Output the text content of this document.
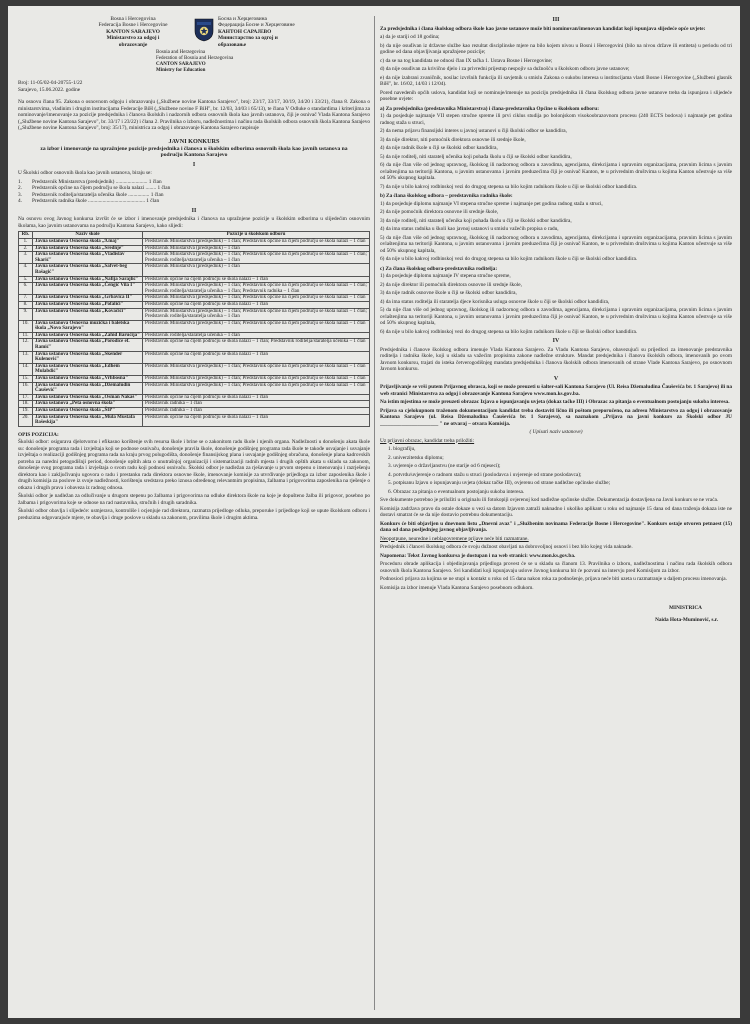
Bosna i Hercegovina
Federacija Bosne i Hercegovine
KANTON SARAJEVO
Ministarstvo za odgoj i
obrazovanje
Босна и Херцеговина
Федерација Босне и Херцеговине
КАНТОН САРАЈЕВО
Министарство за одгој и
образовање
Bosnia and Herzegovina
Federation of Bosnia and Herzegovina
CANTON SARAJEVO
Ministry for Education
Broj: 11-05/02-04-20755-1/22
Sarajevo, 15.06.2022. godine

Na osnovu člana 95. Zakona o osnovnom odgoju i obrazovanju („Službene novine Kantona Sarajevo", broj: 23/17, 33/17, 30/19, 34/20 i 33/21), člana 8. Zakona o ministarstvima, vladinim i drugim institucijama Federacije BiH („Službene novine F BiH", br. 12/03, 34/03 i 65/13), te člana V Odluke o standardima i kriterijima za nominovanje/imenovanje za pozicije predsjednika i članova školskih i nadzornih odbora osnovnih škola kao javnih ustanova, čiji je osnivač Vlada Kantona Sarajevo („Službene novine Kantona Sarajevo", br. 33/17 i 23/22) i člana 2. Pravilnika o izboru, nadležnostima i načinu rada školskih odbora osnovnih škola Kantona Sarajevo („Službene novine Kantona Sarajevo", broj: 35/17), ministrica za odgoj i obrazovanje Kantona Sarajevo raspisuje

JAVNI KONKURS
za izbor i imenovanje na upražnjene pozicije predsjednika i članova u školskim odborima osnovnih škola kao javnih ustanova na području Kantona Sarajevo
I

U Školski odbor osnovnih škola kao javnih ustanova, biraju se:

1.	Predstavnik Ministarstva (predsjednik) ........................ 1 član
2.	Predstavnik općine na čijem području se škola nalazi ........ 1 član
3.	Predstavnik roditelja/staratelja učenika škole ................ 1 član
4.	Predstavnik radnika škole ........................................... 1 član
II

Na osnovu ovog Javnog konkursa izvršit će se izbor i imenovanje predsjednika i članova na upražnjene pozicije u školskim odborima u slijedećim osnovnim školama, kao javnim ustanovama na području Kantona Sarajevo, kako slijedi:

Rb.	Naziv škole	Pozicije u školskom odboru
1.	Javna ustanova Osnovna škola „9.maj"	Predstavnik Ministarstva (predsjednik) – 1 član; Predstavnik općine na čijem području se škola nalazi – 1 član
2.	Javna ustanova Osnovna škola „Srednje"	Predstavnik Ministarstva (predsjednik) – 1 član
3.	Javna ustanova Osnovna škola „Vladislav Skarić"	Predstavnik Ministarstva (predsjednik) – 1 član; Predstavnik općine na čijem području se škola nalazi – 1 član; Predstavnik roditelja/staratelja učenika – 1 član
4.	Javna ustanova Osnovna škola „Safvet-beg Bašagić"	Predstavnik Ministarstva (predsjednik) – 1 član
5.	Javna ustanova Osnovna škola „Nafija Sarajlić"	Predstavnik općine na čijem području se škola nalazi – 1 član
6.	Javna ustanova Osnovna škola „Čengić Vila I"	Predstavnik Ministarstva (predsjednik) – 1 član; Predstavnik općine na čijem području se škola nalazi – 1 član; Predstavnik roditelja/staratelja učenika – 1 član; Predstavnik radnika – 1 član
7.	Javna ustanova Osnovna škola „Grbavica II"	Predstavnik Ministarstva (predsjednik) – 1 član; Predstavnik općine na čijem području se škola nalazi – 1 član
8.	Javna ustanova Osnovna škola „Pofalići"	Predstavnik općine na čijem području se škola nalazi – 1 član
9.	Javna ustanova Osnovna škola „Kovačići"	Predstavnik Ministarstva (predsjednik) – 1 član; Predstavnik općine na čijem području se škola nalazi – 1 član; Predstavnik roditelja/staratelja učenika – 1 član
10.	Javna ustanova Osnovna muzička i baletska škola „Novo Sarajevo"	Predstavnik Ministarstva (predsjednik) – 1 član; Predstavnik općine na čijem području se škola nalazi – 1 član
11.	Javna ustanova Osnovna škola „Zahid Baručija"	Predstavnik roditelja/staratelja učenika – 1 član
12.	Javna ustanova Osnovna škola „Porodice ef. Ramić"	Predstavnik općine na čijem području se škola nalazi – 1 član; Predstavnik roditelja/staratelja učenika – 1 član
13.	Javna ustanova Osnovna škola „Skender Kulenović"	Predstavnik općine na čijem području se škola nalazi – 1 član
14.	Javna ustanova Osnovna škola „Edhem Mulabdić"	Predstavnik Ministarstva (predsjednik) – 1 član; Predstavnik općine na čijem području se škola nalazi – 1 član
15.	Javna ustanova Osnovna škola „Vrhbosna"	Predstavnik Ministarstva (predsjednik) – 1 član; Predstavnik općine na čijem području se škola nalazi – 1 član
16.	Javna ustanova Osnovna škola „Džemaludin Čaušević"	Predstavnik Ministarstva (predsjednik) – 1 član; Predstavnik općine na čijem području se škola nalazi – 1 član
17.	Javna ustanova Osnovna škola „Osman Nakaš"	Predstavnik općine na čijem području se škola nalazi – 1 član
18.	Javna ustanova „Peta osnovna škola"	Predstavnik radnika – 1 član
19.	Javna ustanova Osnovna škola „ŠIP"	Predstavnik radnika – 1 član
20.	Javna ustanova Osnovna škola „Mula Mustafa Bašeskija"	Predstavnik općine na čijem području se škola nalazi – 1 član
OPIS POZICIJA:

Školski odbor: osigurava djelotvorno i efikasno korištenje svih resursa škole i brine se o zakonitom radu škole i njenih organa. Nadležnosti u donošenju akata škole su: donošenje programa rada i izvještaja koji se podnose osnivaču, donošenje pravila škole, donošenje godišnjeg programa rada škole te takođe usvajanje i usvajanje izvještaja o realizaciji godišnjeg programa rada na kraju prvog polugodišta, donošenje finansijskog plana i usvajanje godišnjeg obračuna, donošenje plana kadrovskih potreba za naredni petogodišnji period, donošenje opštih akta o unutrašnjoj organizaciji i sistematizaciji radnih mjesta i drugih opštih akata u skladu sa zakonom, donošenje svog programa rada i izvještaja o svom radu koji podnosi osnivaču. Školski odbor je nadležan za rješavanje u prvom stepenu o imenovanju i razrješenju direktora kao i zaključivanju ugovora o radu i prestanku rada direktora osnovne škole, imenovanje komisije za utvrđivanje prijedloga za izbor zaposlenika škole i drugih komisija za poslove iz svoje nadležnosti, korištenju sredstava preko iznosa određenog relevantnim propisima, žalbama i prigovorima zaposlenika na rješenje o otkazu i drugih prava i obaveza iz radnog odnosa.

Školski odbor je nadležan za odlučivanje u drugom stepenu po žalbama i prigovorima na odluke direktora škole na koje je dopušteno žalba ili prigovor, posebno po žalbama i prigovorima koje se odnose na rad nastavnika, stručnih i drugih saradnika.

Školski odbor obavlja i slijedeće: usmjerava, kontroliše i ocjenjuje rad direktora, razmatra prijedloge odluka, preporuke i prijedloge koji se upute školskom odboru i preduzima odgovarajuće mjere, te obavlja i druge poslove u skladu sa zakonom, pravilima škole i drugim aktima.

III

Za predsjednika i člana školskog odbora škole kao javne ustanove može biti nominovan/imenovan kandidat koji ispunjava slijedeće opće uvjete:

a) da je stariji od 18 godina;

b) da nije osuđivan iz državne službe kao rezultat disciplinske mjere na bilo kojem nivou u Bosni i Hercegovini (bilo na nivou države ili entiteta) u periodu od tri godine od dana objavljivanja upražnjene pozicije;

c) da se na tog kandidata ne odnosi član IX tačka 1. Ustava Bosne i Hercegovine;

d) da nije osuđivan za krivično djelo i za privredni prijestup nespojiv sa dužnošću u školskom odboru javne ustanove;

e) da nije izabrani zvaničnik, nosilac izvršnih funkcija ili savjetnik u smislu Zakona o sukobu interesa u institucijama vlasti Bosne i Hercegovine („Službeni glasnik BiH", br. 16/02, 14/03 i 12/04).

Pored navedenih općih uslova, kandidat koji se nominuje/imenuje na poziciju predsjednika ili člana školskog odbora javne ustanove treba da ispunjava i slijedeće posebne uvjete:

a) Za predsjednika (predstavnika Ministarstva) i člana-predstavnika Općine u školskom odboru:

1) da posjeduje najmanje VII stepen stručne spreme ili prvi ciklus studija po bolonjskom visokoobrazovnom procesu (240 ECTS bodova) i najmanje pet godina radnog staža u struci,

2) da nema prijavu finansijski interes u javnoj ustanovi u čiji školski odbor se kandidira,

3) da nije direktor, niti pomoćnik direktora osnovne ili srednje škole,

4) da nije radnik škole u čiji se školski odbor kandidira,

5) da nije roditelj, niti staratelj učenika koji pohađa školu u čiji se školski odbor kandidira,

6) da nije član više od jednog upravnog, školskog ili nadzornog odbora u zavodima, agencijama, direkcijama i upravnim organizacijama, pravnim licima s javnim ovlaštenjima na teritoriji Kantona, u javnim ustanovama i javnim preduzećima čiji je osnivač Kanton, te u privrednim društvima u kojima Kanton učestvuje sa više od 50% ukupnog kapitala.

7) da nije u bilo kakvoj rodbinskoj vezi do drugog stepena sa bilo kojim radnikom škole u čiji se školski odbor kandidira.

b) Za člana školskog odbora – predstavnika radnika škole:

1) da posjeduje diplomu najmanje VI stepena stručne spreme i najmanje pet godina radnog staža u struci,

2) da nije pomoćnik direktora osnovne ili srednje škole,

3) da nije roditelj, niti staratelj učenika koji pohađa školu u čiji se školski odbor kandidira,

4) da ima status radnika u školi kao javnoj ustanovi u smislu važećih propisa o radu,

5) da nije član više od jednog upravnog, školskog ili nadzornog odbora u zavodima, agencijama, direkcijama i upravnim organizacijama, pravnim licima s javnim ovlaštenjima na teritoriji Kantona, u javnim ustanovama i javnim preduzećima čiji je osnivač Kanton, te u privrednim društvima u kojima Kanton učestvuje sa više od 50% ukupnog kapitala,

6) da nije u bilo kakvoj rodbinskoj vezi do drugog stepena sa bilo kojim radnikom škole u čiji se školski odbor kandidira.

c) Za člana školskog odbora-predstavnika roditelja:

1) da posjeduje diplomu najmanje IV stepena stručne spreme,

2) da nije direktor ili pomoćnik direktora osnovne ili srednje škole,

3) da nije radnik osnovne škole u čiji se školski odbor kandidira,

4) da ima status roditelja ili staratelja djece korisnika usluga osnovne škole u čiji se školski odbor kandidira,

5) da nije član više od jednog upravnog, školskog ili nadzornog odbora u zavodima, agencijama, direkcijama i upravnim organizacijama, pravnim licima s javnim ovlaštenjima na teritoriji Kantona, u javnim ustanovama i javnim preduzećima čiji je osnivač Kanton, te u privrednim društvima u kojima Kanton učestvuje sa više od 50% ukupnog kapitala,

6) da nije u bilo kakvoj rodbinskoj vezi do drugog stepena sa bilo kojim radnikom škole u čiji se školski odbor kandidira.

IV

Predsjednika i članove školskog odbora imenuje Vlada Kantona Sarajevo. Za Vladu Kantona Sarajevo, obavezujući su prijedloci za imenovanje predstavnika roditelja i radnika škole, koji u skladu sa važećim propisima zakone nadležne strukture. Mandat predsjednika i članova školskih odbora, imenovanih po ovom Javnom konkursu, trajati do isteka četverogodišnjeg mandata predsjednika i članova školskih odbora imenovanih od strane Vlade Kantona Sarajevo, po osnovnom Javnom konkursu.

V

Prijavljivanje se vrši putem Prijavnog obrasca, koji se može preuzeti u šalter-sali Kantona Sarajevo (Ul. Reisa Džemaludina Čauševića br. 1 Sarajevo) ili na web stranici Ministarstva za odgoj i obrazovanje Kantona Sarajevo www.mon.ks.gov.ba.

Na istim mjestima se može preuzeti obrazac Izjava o ispunjavanju uvjeta (dokaz tačke III) i Obrazac za pitanja o eventualnom postojanju sukoba interesa.

Prijava sa cjelokupnom traženom dokumentacijom kandidat treba dostaviti lično ili poštom preporučeno, na adresu Ministarstvo za odgoj i obrazovanje Kantona Sarajevo (ul. Reisa Džemaludina Čauševića br. 1 Sarajevo), sa naznakom „Prijava na javni konkurs za Školski odbor JU ______________________ " ne otvaraj – otvara Komisija.

( Upisati naziv ustanove)

Uz prijavni obrazac, kandidat treba priložiti:

1. biografiju,

2. univerzitetsku diplomu;

3. uvjerenje o državljanstvu (ne starije od 6 mjeseci);

4. potvrdu/uvjerenje o radnom stažu u struci (poslodavca i uvjerenje od strane poslodavca);

5. potpisanu Izjavu o ispunjavanju uvjeta (dokaz tačke III), ovjerenu od strane nadležne općinske službe;

6. Obrazac za pitanja o eventualnom postojanju sukoba interesa.

Sve dokumente potrebno je priložiti u originalu ili fotokopiji ovjerenoj kod nadležne općinske službe. Dokumentacija dostavljena na Javni konkurs se ne vraća.

Komisija zadržava pravo da ostale dokaze u vezi sa datom Izjavom zatraži naknadno i ukoliko aplikant u roku od najmanje 15 dana od dana traženja dokaza iste ne dostavi smatrat će se da nije dostavio potrebnu dokumentaciju.

Konkurs će biti objavljen u dnevnom listu „Dnevni avaz" i „Službenim novinama Federacije Bosne i Hercegovine". Konkurs ostaje otvoren petnaest (15) dana od dana posljednjeg javnog objavljivanja.

Neopotpune, neuredne i neblagovremene prijave neće biti razmatrane.

Predsjednik i članovi školskog odbora će svoju dužnost obavljati na dobrovoljnoj osnovi i bez bilo kojeg vida naknade.

Napomena: Tekst Javnog konkursa je dostupan i na web stranici: www.mon.ks.gov.ba.

Proceduru obrade aplikacija i objedinjavanja prijedloga provest će se u skladu sa članom 13. Pravilnika o izboru, nadležnostima i načinu rada školskih odbora osnovnih škola Kantona Sarajevo. Svi kandidati koji ispunjavaju uslove Javnog konkursa bit će pozvani na intervju pred Komisijom za izbor.

Podnosioci prijava za kojima se ne stupi u kontakt u roku od 15 dana nakon roka za podnošenje, prijava neće biti uzeta u razmatranje u daljem procesu imenovanja.

Komisija za izbor imenuje Vlada Kantona Sarajevo posebnom odlukom.

MINISTRICA
Naida Hota-Muminović, s.r.
